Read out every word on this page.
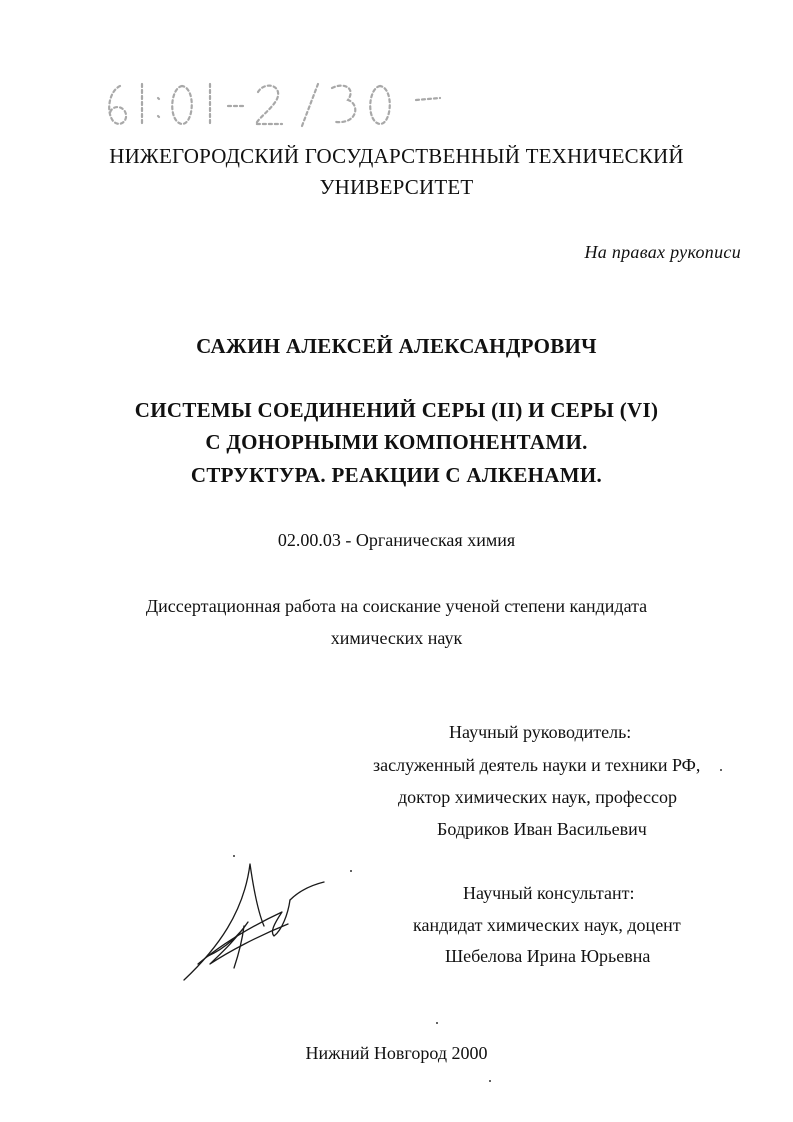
НИЖЕГОРОДСКИЙ ГОСУДАРСТВЕННЫЙ ТЕХНИЧЕСКИЙ
УНИВЕРСИТЕТ
На правах рукописи
САЖИН АЛЕКСЕЙ АЛЕКСАНДРОВИЧ
СИСТЕМЫ СОЕДИНЕНИЙ СЕРЫ (II) И СЕРЫ (VI)
С ДОНОРНЫМИ КОМПОНЕНТАМИ.
СТРУКТУРА. РЕАКЦИИ С АЛКЕНАМИ.
02.00.03 - Органическая химия
Диссертационная работа на соискание ученой степени кандидата
химических наук
Научный руководитель:
заслуженный деятель науки и техники РФ,
доктор химических наук, профессор
Бодриков Иван Васильевич
Научный консультант:
кандидат химических наук, доцент
Шебелова Ирина Юрьевна
Нижний Новгород 2000
